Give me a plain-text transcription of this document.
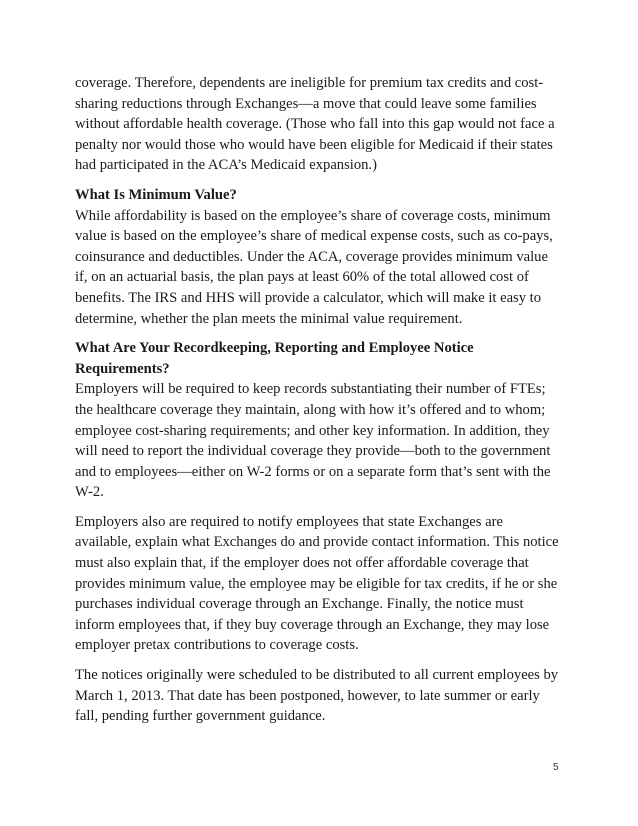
coverage. Therefore, dependents are ineligible for premium tax credits and cost-
sharing reductions through Exchanges—a move that could leave some families
without affordable health coverage. (Those who fall into this gap would not face a
penalty nor would those who would have been eligible for Medicaid if their states
had participated in the ACA’s Medicaid expansion.)

What Is Minimum Value?

While affordability is based on the employee’s share of coverage costs, minimum
value is based on the employee’s share of medical expense costs, such as co-pays,
coinsurance and deductibles. Under the ACA, coverage provides minimum value
if, on an actuarial basis, the plan pays at least 60% of the total allowed cost of
benefits. The IRS and HHS will provide a calculator, which will make it easy to
determine, whether the plan meets the minimal value requirement.

What Are Your Recordkeeping, Reporting and Employee Notice
Requirements?

Employers will be required to keep records substantiating their number of FTEs;
the healthcare coverage they maintain, along with how it’s offered and to whom;
employee cost-sharing requirements; and other key information. In addition, they
will need to report the individual coverage they provide—both to the government
and to employees—either on W-2 forms or on a separate form that’s sent with the
W-2.

Employers also are required to notify employees that state Exchanges are
available, explain what Exchanges do and provide contact information. This notice
must also explain that, if the employer does not offer affordable coverage that
provides minimum value, the employee may be eligible for tax credits, if he or she
purchases individual coverage through an Exchange. Finally, the notice must
inform employees that, if they buy coverage through an Exchange, they may lose
employer pretax contributions to coverage costs.

The notices originally were scheduled to be distributed to all current employees by
March 1, 2013. That date has been postponed, however, to late summer or early
fall, pending further government guidance.

5
